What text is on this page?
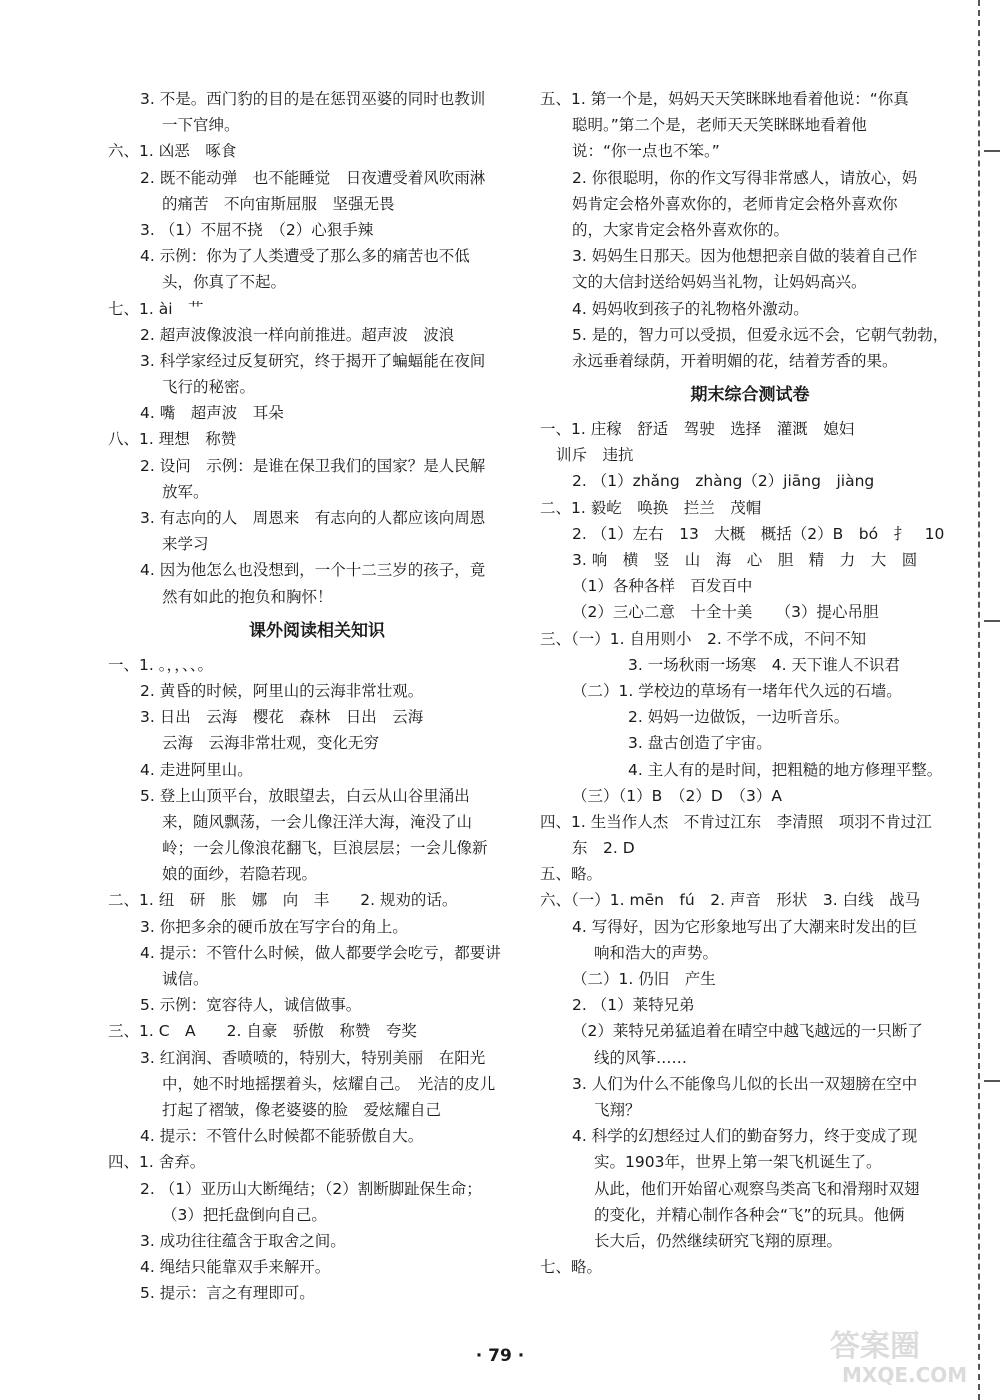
3. 不是。西门豹的目的是在惩罚巫婆的同时也教训
一下官绅。
六、1. 凶恶　啄食
2. 既不能动弹　也不能睡觉　日夜遭受着风吹雨淋
的痛苦　不向宙斯屈服　坚强无畏
3. （1）不屈不挠　（2）心狠手辣
4. 示例：你为了人类遭受了那么多的痛苦也不低
头，你真了不起。
七、1. ài　艹
2. 超声波像波浪一样向前推进。超声波　波浪
3. 科学家经过反复研究，终于揭开了蝙蝠能在夜间
飞行的秘密。
4. 嘴　超声波　耳朵
八、1. 理想　称赞
2. 设问　示例：是谁在保卫我们的国家？是人民解
放军。
3. 有志向的人　周恩来　有志向的人都应该向周恩
来学习
4. 因为他怎么也没想到，一个十二三岁的孩子，竟
然有如此的抱负和胸怀！
课外阅读相关知识
一、1. 。，，、、。
2. 黄昏的时候，阿里山的云海非常壮观。
3. 日出　云海　樱花　森林　日出　云海
云海　云海非常壮观，变化无穷
4. 走进阿里山。
5. 登上山顶平台，放眼望去，白云从山谷里涌出
来，随风飘荡，一会儿像汪洋大海，淹没了山
岭；一会儿像浪花翻飞，巨浪层层；一会儿像新
娘的面纱，若隐若现。
二、1. 纽　研　胀　娜　向　丰　　2. 规劝的话。
3. 你把多余的硬币放在写字台的角上。
4. 提示：不管什么时候，做人都要学会吃亏，都要讲
诚信。
5. 示例：宽容待人，诚信做事。
三、1. C　A　　2. 自豪　骄傲　称赞　夸奖
3. 红润润、香喷喷的，特别大，特别美丽　在阳光
中，她不时地摇摆着头，炫耀自己。　光洁的皮儿
打起了褶皱，像老婆婆的脸　爱炫耀自己
4. 提示：不管什么时候都不能骄傲自大。
四、1. 舍弃。
2. （1）亚历山大断绳结；（2）割断脚趾保生命；
（3）把托盘倒向自己。
3. 成功往往蕴含于取舍之间。
4. 绳结只能靠双手来解开。
5. 提示：言之有理即可。
五、1. 第一个是，妈妈天天笑眯眯地看着他说：“你真
聪明。”第二个是，老师天天笑眯眯地看着他
说：“你一点也不笨。”
2. 你很聪明，你的作文写得非常感人，请放心，妈
妈肯定会格外喜欢你的，老师肯定会格外喜欢你
的，大家肯定会格外喜欢你的。
3. 妈妈生日那天。因为他想把亲自做的装着自己作
文的大信封送给妈妈当礼物，让妈妈高兴。
4. 妈妈收到孩子的礼物格外激动。
5. 是的，智力可以受损，但爱永远不会，它朝气勃勃，
永远垂着绿荫，开着明媚的花，结着芳香的果。
期末综合测试卷
一、1. 庄稼　舒适　驾驶　选择　灌溉　媳妇
训斥　违抗
2. （1）zhǎng　zhàng（2）jiāng　jiàng
二、1. 毅屹　唤换　拦兰　茂帽
2. （1）左右　13　大概　概括（2）B　bó　扌　10
3. 响　横　竖　山　海　心　胆　精　力　大　圆
（1）各种各样　百发百中
（2）三心二意　十全十美　　（3）提心吊胆
三、（一）1. 自用则小　2. 不学不成，不问不知
3. 一场秋雨一场寒　4. 天下谁人不识君
（二）1. 学校边的草场有一堵年代久远的石墙。
2. 妈妈一边做饭，一边听音乐。
3. 盘古创造了宇宙。
4. 主人有的是时间，把粗糙的地方修理平整。
（三）（1）B　（2）D　（3）A
四、1. 生当作人杰　不肯过江东　李清照　项羽不肯过江
东　2. D
五、略。
六、（一）1. mēn　fú　2. 声音　形状　3. 白线　战马
4. 写得好，因为它形象地写出了大潮来时发出的巨
响和浩大的声势。
（二）1. 仍旧　产生
2. （1）莱特兄弟
（2）莱特兄弟猛追着在晴空中越飞越远的一只断了
线的风筝……
3. 人们为什么不能像鸟儿似的长出一双翅膀在空中
飞翔？
4. 科学的幻想经过人们的勤奋努力，终于变成了现
实。1903年，世界上第一架飞机诞生了。
从此，他们开始留心观察鸟类高飞和滑翔时双翅
的变化，并精心制作各种会“飞”的玩具。他俩
长大后，仍然继续研究飞翔的原理。
七、略。
· 79 ·	答案圈
MXQE.COM
